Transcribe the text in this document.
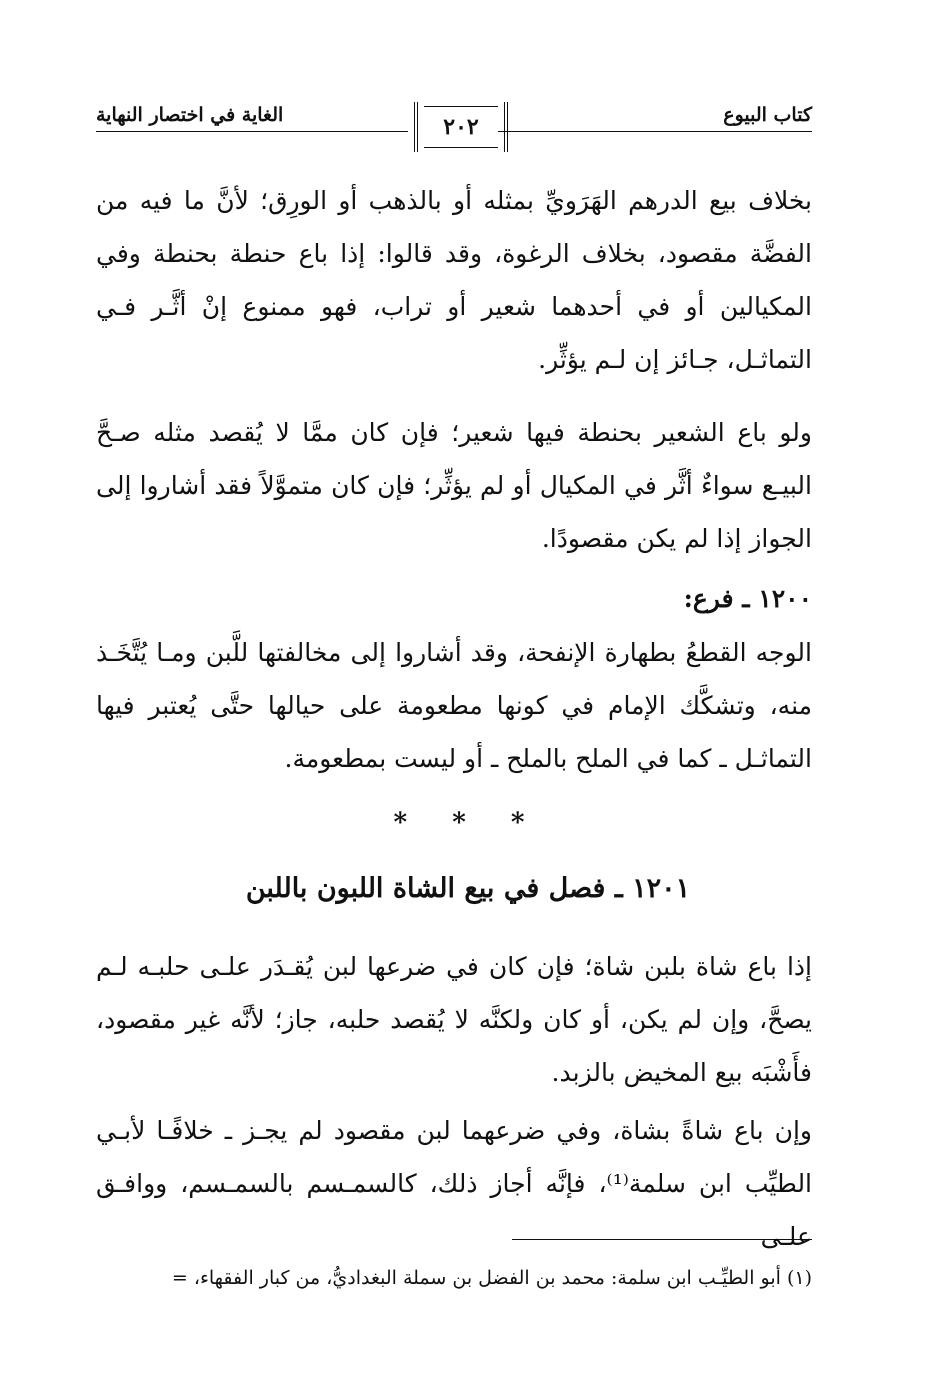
كتاب البيوع
٢٠٢
الغاية في اختصار النهاية

بخلاف بيع الدرهم الهَرَويِّ بمثله أو بالذهب أو الورِق؛ لأنَّ ما فيه من الفضَّة مقصود، بخلاف الرغوة، وقد قالوا: إذا باع حنطة بحنطة وفي المكيالين أو في أحدهما شعير أو تراب، فهو ممنوع إنْ أثَّـر فـي التماثـل، جـائز إن لـم يؤثِّر.

ولو باع الشعير بحنطة فيها شعير؛ فإن كان ممَّا لا يُقصد مثله صـحَّ البيـع سواءٌ أثَّر في المكيال أو لم يؤثِّر؛ فإن كان متموَّلاً فقد أشاروا إلى الجواز إذا لم يكن مقصودًا.

١٢٠٠ ـ فرع:

الوجه القطعُ بطهارة الإنفحة، وقد أشاروا إلى مخالفتها للَّبن ومـا يُتَّخَـذ منه، وتشكَّك الإمام في كونها مطعومة على حيالها حتَّى يُعتبر فيها التماثـل ـ كما في الملح بالملح ـ أو ليست بمطعومة.

* * *
١٢٠١ ـ فصل في بيع الشاة اللبون باللبن

إذا باع شاة بلبن شاة؛ فإن كان في ضرعها لبن يُقـدَر علـى حلبـه لـم يصحَّ، وإن لم يكن، أو كان ولكنَّه لا يُقصد حلبه، جاز؛ لأنَّه غير مقصود، فأَشْبَه بيع المخيض بالزبد.

وإن باع شاةً بشاة، وفي ضرعهما لبن مقصود لم يجـز ـ خلافًـا لأبـي الطيِّب ابن سلمة⁽¹⁾، فإنَّه أجاز ذلك، كالسمـسم بالسمـسم، ووافـق علـى

(١) أبو الطيِّـب ابن سلمة: محمد بن الفضل بن سملة البغداديُّ، من كبار الفقهاء، =
